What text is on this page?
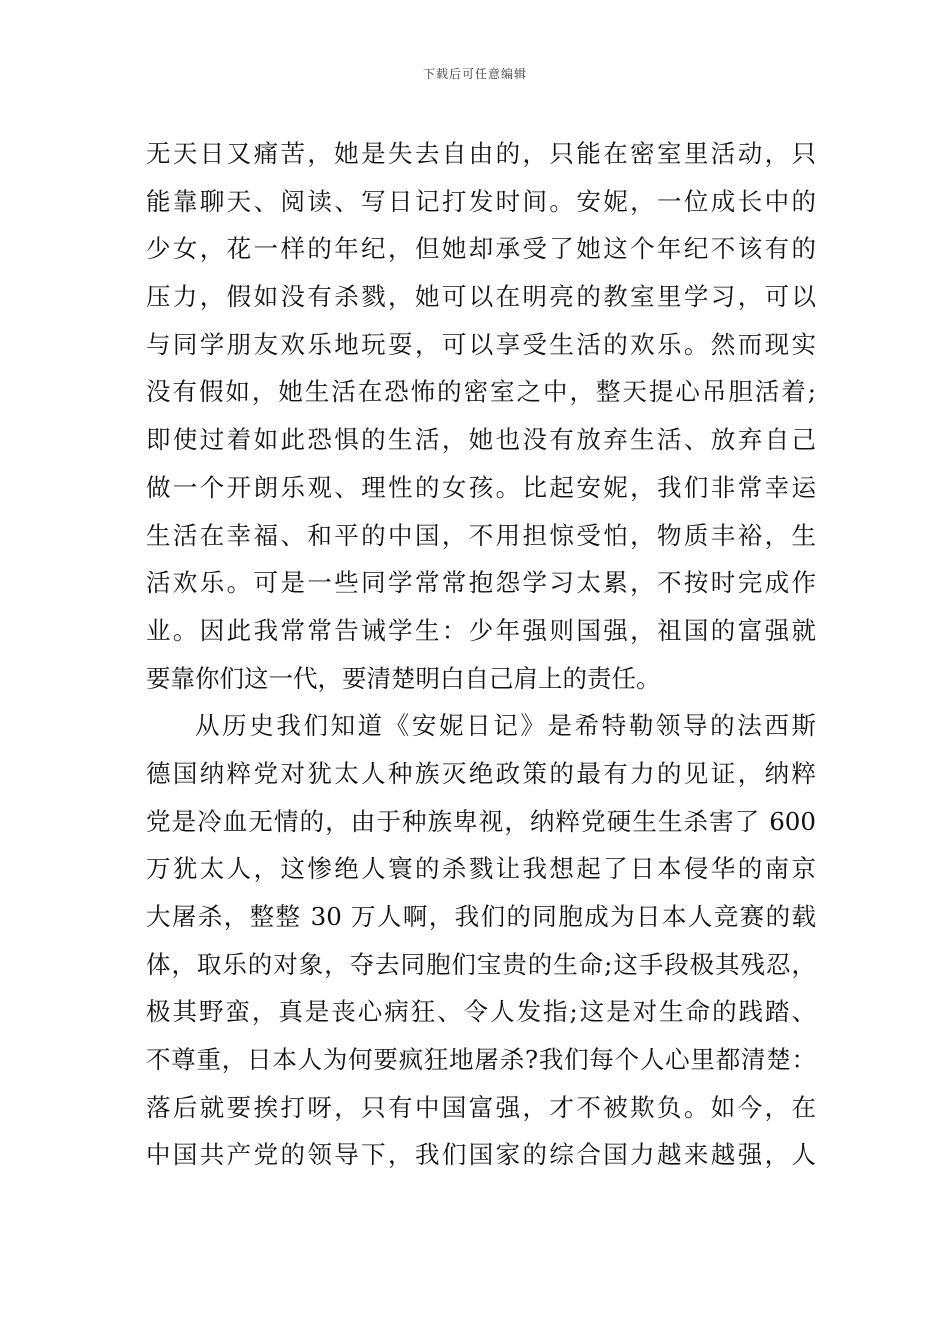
下载后可任意编辑
无天日又痛苦，她是失去自由的，只能在密室里活动，只
能靠聊天、阅读、写日记打发时间。安妮，一位成长中的
少女，花一样的年纪，但她却承受了她这个年纪不该有的
压力，假如没有杀戮，她可以在明亮的教室里学习，可以
与同学朋友欢乐地玩耍，可以享受生活的欢乐。然而现实
没有假如，她生活在恐怖的密室之中，整天提心吊胆活着;
即使过着如此恐惧的生活，她也没有放弃生活、放弃自己
做一个开朗乐观、理性的女孩。比起安妮，我们非常幸运
生活在幸福、和平的中国，不用担惊受怕，物质丰裕，生
活欢乐。可是一些同学常常抱怨学习太累，不按时完成作
业。因此我常常告诫学生：少年强则国强，祖国的富强就
要靠你们这一代，要清楚明白自己肩上的责任。
从历史我们知道《安妮日记》是希特勒领导的法西斯
德国纳粹党对犹太人种族灭绝政策的最有力的见证，纳粹
党是冷血无情的，由于种族卑视，纳粹党硬生生杀害了 600
万犹太人，这惨绝人寰的杀戮让我想起了日本侵华的南京
大屠杀，整整 30 万人啊，我们的同胞成为日本人竞赛的载
体，取乐的对象，夺去同胞们宝贵的生命;这手段极其残忍，
极其野蛮，真是丧心病狂、令人发指;这是对生命的践踏、
不尊重，日本人为何要疯狂地屠杀?我们每个人心里都清楚：
落后就要挨打呀，只有中国富强，才不被欺负。如今，在
中国共产党的领导下，我们国家的综合国力越来越强，人
